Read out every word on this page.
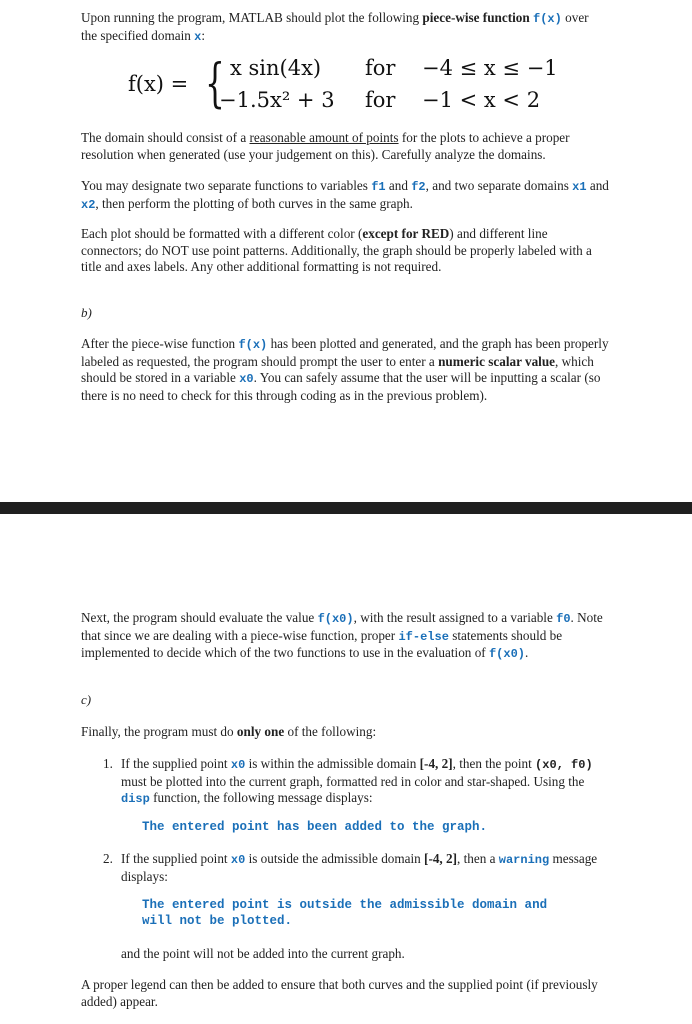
Upon running the program, MATLAB should plot the following piece-wise function f(x) over
the specified domain x:

f(x) = { x sin(4x) for −4 ≤ x ≤ −1
−1.5x² + 3 for −1 < x < 2

The domain should consist of a reasonable amount of points for the plots to achieve a proper resolution when generated (use your judgement on this). Carefully analyze the domains.

You may designate two separate functions to variables f1 and f2, and two separate domains x1 and x2, then perform the plotting of both curves in the same graph.

Each plot should be formatted with a different color (except for RED) and different line connectors; do NOT use point patterns. Additionally, the graph should be properly labeled with a title and axes labels. Any other additional formatting is not required.

b)

After the piece-wise function f(x) has been plotted and generated, and the graph has been properly labeled as requested, the program should prompt the user to enter a numeric scalar value, which should be stored in a variable x0. You can safely assume that the user will be inputting a scalar (so there is no need to check for this through coding as in the previous problem).

Next, the program should evaluate the value f(x0), with the result assigned to a variable f0. Note that since we are dealing with a piece-wise function, proper if-else statements should be implemented to decide which of the two functions to use in the evaluation of f(x0).

c)

Finally, the program must do only one of the following:

1. If the supplied point x0 is within the admissible domain [-4, 2], then the point (x0, f0) must be plotted into the current graph, formatted red in color and star-shaped. Using the disp function, the following message displays:

The entered point has been added to the graph.
2. If the supplied point x0 is outside the admissible domain [-4, 2], then a warning message displays:

The entered point is outside the admissible domain and
will not be plotted.

and the point will not be added into the current graph.

A proper legend can then be added to ensure that both curves and the supplied point (if previously added) appear.
